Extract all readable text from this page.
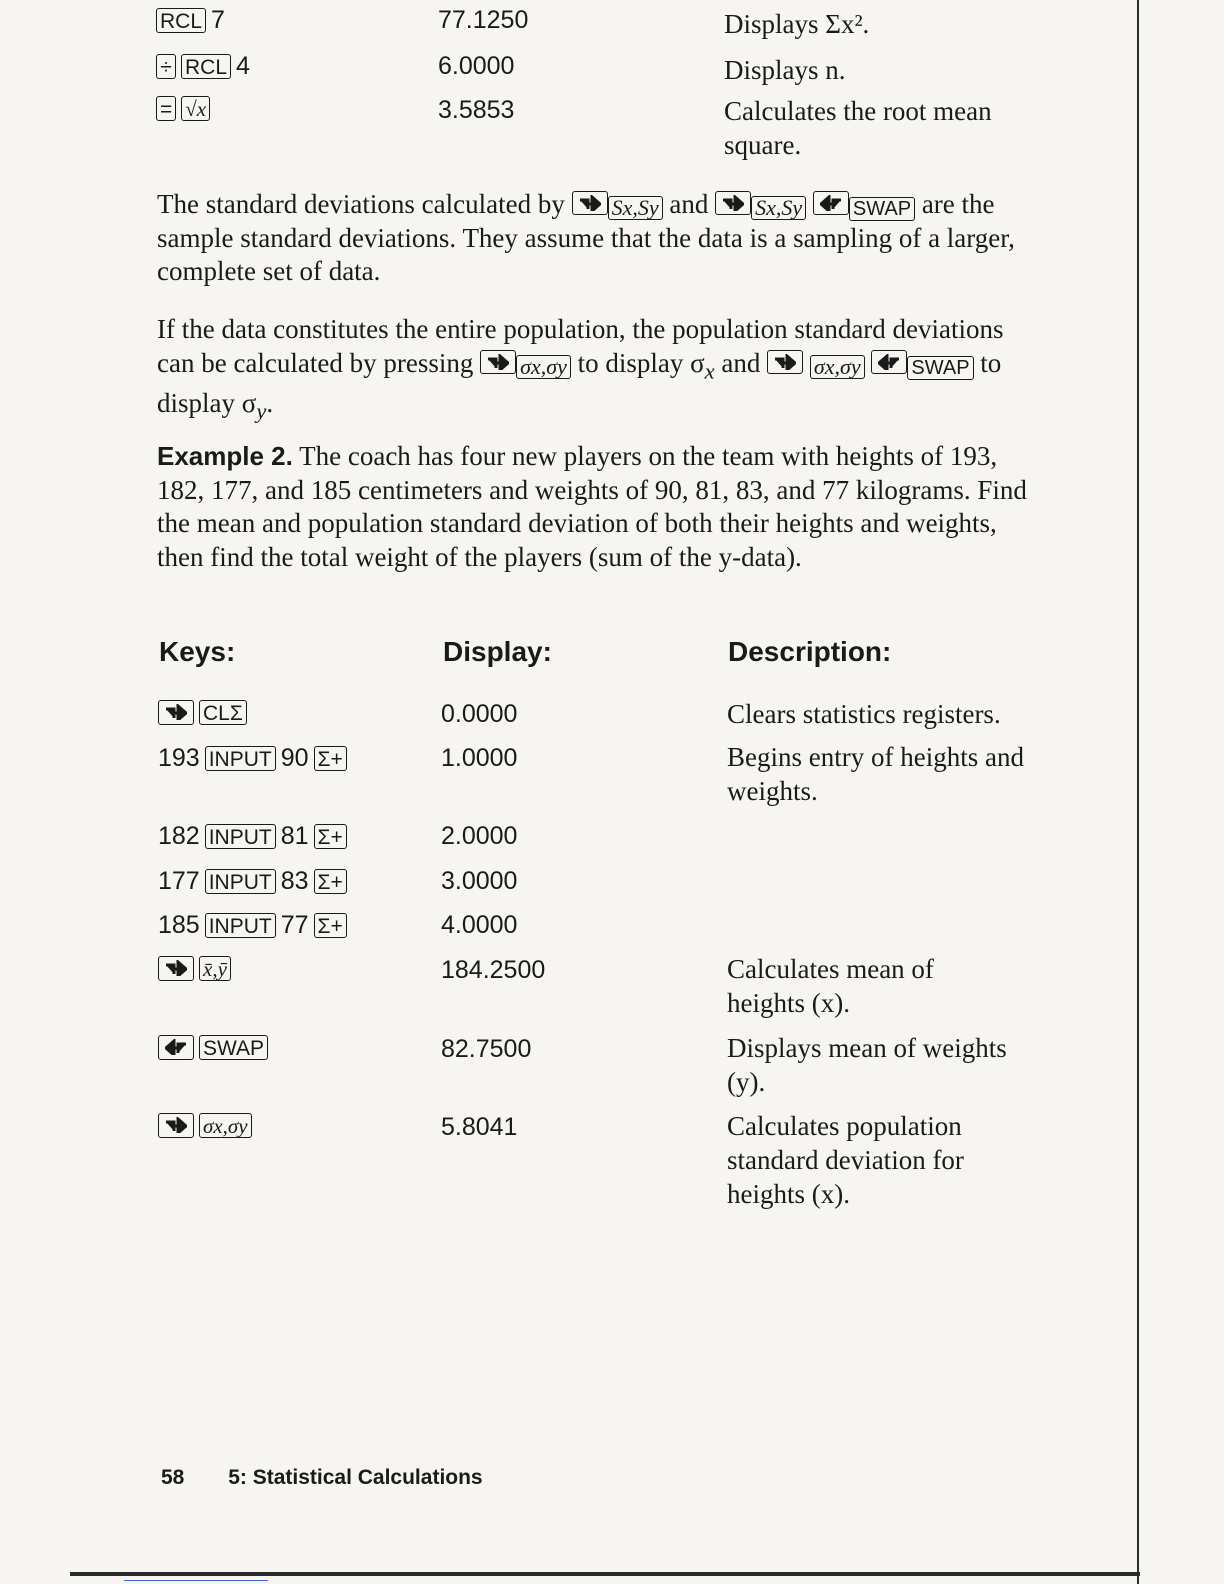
RCL 7	77.1250	Displays Σx².
÷ RCL 4	6.0000	Displays n.
= √x	3.5853	Calculates the root mean square.
The standard deviations calculated by Sx,Sy and Sx,Sy	SWAP are the sample standard deviations. They assume that the data is a sampling of a larger, complete set of data.
If the data constitutes the entire population, the population standard deviations can be calculated by pressing σx,σy to display $\sigma_x$ and σx,σy	SWAP to display $\sigma_y$.
Example 2. The coach has four new players on the team with heights of 193, 182, 177, and 185 centimeters and weights of 90, 81, 83, and 77 kilograms. Find the mean and population standard deviation of both their heights and weights, then find the total weight of the players (sum of the y-data).
Keys:	Display:	Description:
CLΣ	0.0000	Clears statistics registers.
193 INPUT 90 Σ+	1.0000	Begins entry of heights and weights.
182 INPUT 81 Σ+	2.0000
177 INPUT 83 Σ+	3.0000
185 INPUT 77 Σ+	4.0000
x̄,ȳ	184.2500	Calculates mean of heights (x).
SWAP	82.7500	Displays mean of weights (y).
σx,σy	5.8041	Calculates population standard deviation for heights (x).
58 5: Statistical Calculations
